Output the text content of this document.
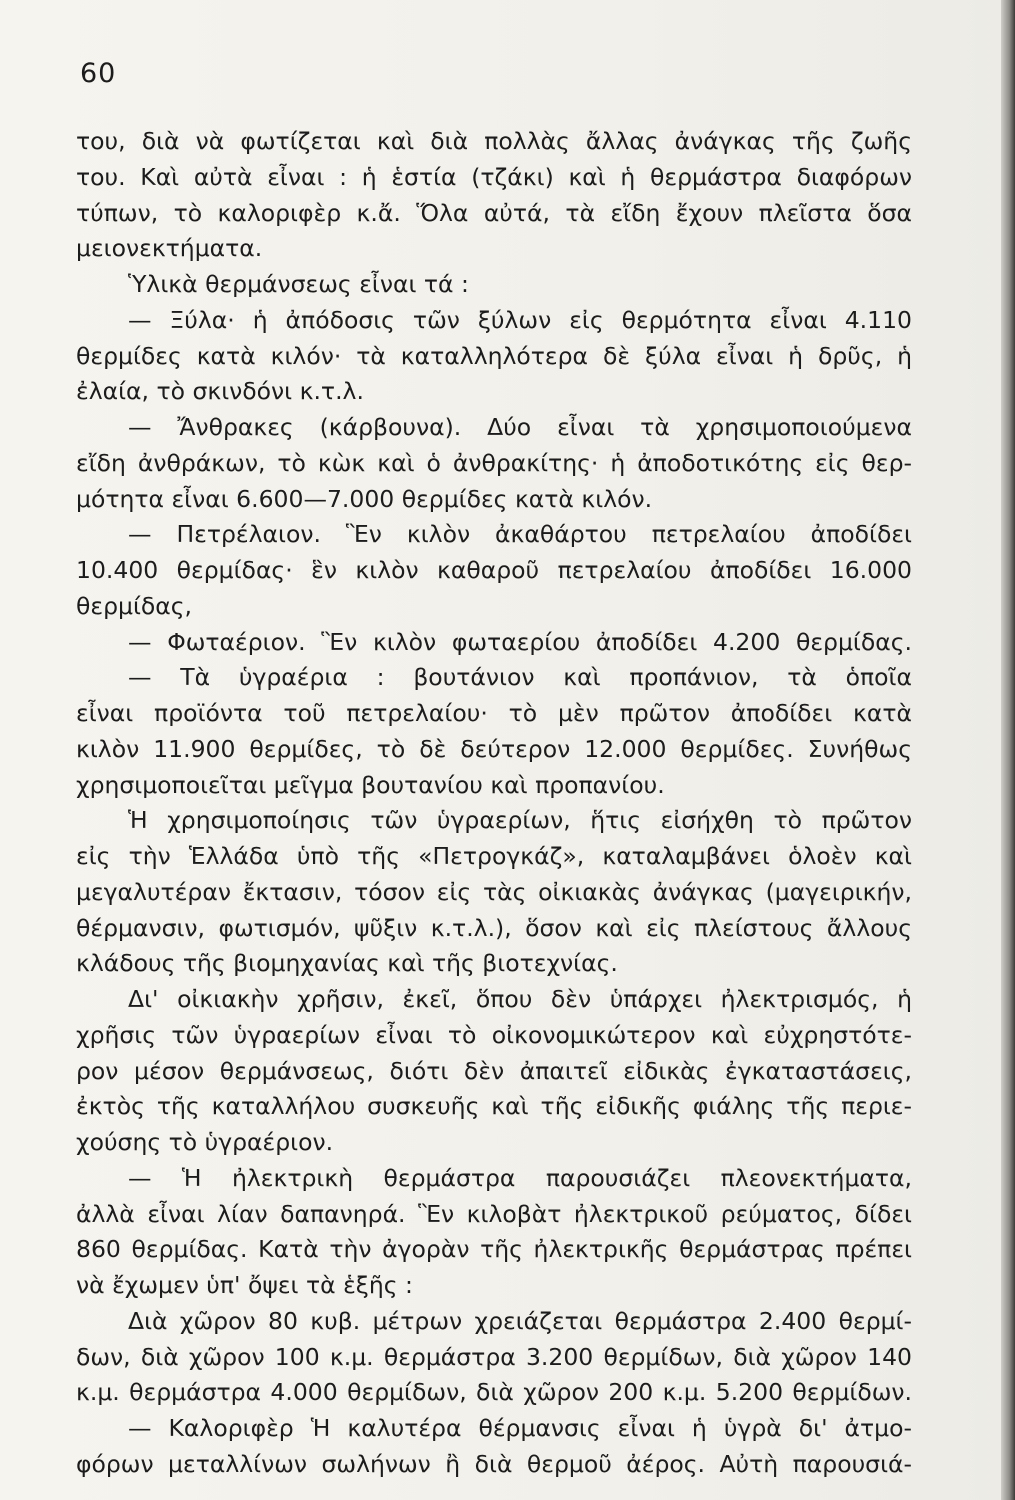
60
του, διὰ νὰ φωτίζεται καὶ διὰ πολλὰς ἄλλας ἀνάγκας τῆς ζωῆς
του. Καὶ αὐτὰ εἶναι : ἡ ἑστία (τζάκι) καὶ ἡ θερμάστρα διαφόρων
τύπων, τὸ καλοριφὲρ κ.ἄ. Ὅλα αὐτά, τὰ εἴδη ἔχουν πλεῖστα ὅσα
μειονεκτήματα.
Ὑλικὰ θερμάνσεως εἶναι τά :
— Ξύλα· ἡ ἀπόδοσις τῶν ξύλων εἰς θερμότητα εἶναι 4.110
θερμίδες κατὰ κιλόν· τὰ καταλληλότερα δὲ ξύλα εἶναι ἡ δρῦς, ἡ
ἐλαία, τὸ σκινδόνι κ.τ.λ.
— Ἄνθρακες (κάρβουνα). Δύο εἶναι τὰ χρησιμοποιούμενα
εἴδη ἀνθράκων, τὸ κὼκ καὶ ὁ ἀνθρακίτης· ἡ ἀποδοτικότης εἰς θερ-
μότητα εἶναι 6.600—7.000 θερμίδες κατὰ κιλόν.
— Πετρέλαιον. Ἓν κιλὸν ἀκαθάρτου πετρελαίου ἀποδίδει
10.400 θερμίδας· ἓν κιλὸν καθαροῦ πετρελαίου ἀποδίδει 16.000
θερμίδας,
— Φωταέριον. Ἓν κιλὸν φωταερίου ἀποδίδει 4.200 θερμίδας.
— Τὰ ὑγραέρια : βουτάνιον καὶ προπάνιον, τὰ ὁποῖα
εἶναι προϊόντα τοῦ πετρελαίου· τὸ μὲν πρῶτον ἀποδίδει κατὰ
κιλὸν 11.900 θερμίδες, τὸ δὲ δεύτερον 12.000 θερμίδες. Συνήθως
χρησιμοποιεῖται μεῖγμα βουτανίου καὶ προπανίου.
Ἡ χρησιμοποίησις τῶν ὑγραερίων, ἥτις εἰσήχθη τὸ πρῶτον
εἰς τὴν Ἑλλάδα ὑπὸ τῆς «Πετρογκάζ», καταλαμβάνει ὁλοὲν καὶ
μεγαλυτέραν ἔκτασιν, τόσον εἰς τὰς οἰκιακὰς ἀνάγκας (μαγειρικήν,
θέρμανσιν, φωτισμόν, ψῦξιν κ.τ.λ.), ὅσον καὶ εἰς πλείστους ἄλλους
κλάδους τῆς βιομηχανίας καὶ τῆς βιοτεχνίας.
Δι' οἰκιακὴν χρῆσιν, ἐκεῖ, ὅπου δὲν ὑπάρχει ἠλεκτρισμός, ἡ
χρῆσις τῶν ὑγραερίων εἶναι τὸ οἰκονομικώτερον καὶ εὐχρηστότε-
ρον μέσον θερμάνσεως, διότι δὲν ἀπαιτεῖ εἰδικὰς ἐγκαταστάσεις,
ἐκτὸς τῆς καταλλήλου συσκευῆς καὶ τῆς εἰδικῆς φιάλης τῆς περιε-
χούσης τὸ ὑγραέριον.
— Ἡ ἠλεκτρικὴ θερμάστρα παρουσιάζει πλεονεκτήματα,
ἀλλὰ εἶναι λίαν δαπανηρά. Ἓν κιλοβὰτ ἠλεκτρικοῦ ρεύματος, δίδει
860 θερμίδας. Κατὰ τὴν ἀγορὰν τῆς ἠλεκτρικῆς θερμάστρας πρέπει
νὰ ἔχωμεν ὑπ' ὄψει τὰ ἑξῆς :
Διὰ χῶρον 80 κυβ. μέτρων χρειάζεται θερμάστρα 2.400 θερμί-
δων, διὰ χῶρον 100 κ.μ. θερμάστρα 3.200 θερμίδων, διὰ χῶρον 140
κ.μ. θερμάστρα 4.000 θερμίδων, διὰ χῶρον 200 κ.μ. 5.200 θερμίδων.
— Καλοριφὲρ Ἡ καλυτέρα θέρμανσις εἶναι ἡ ὑγρὰ δι' ἀτμο-
φόρων μεταλλίνων σωλήνων ἢ διὰ θερμοῦ ἀέρος. Αὐτὴ παρουσιά-
